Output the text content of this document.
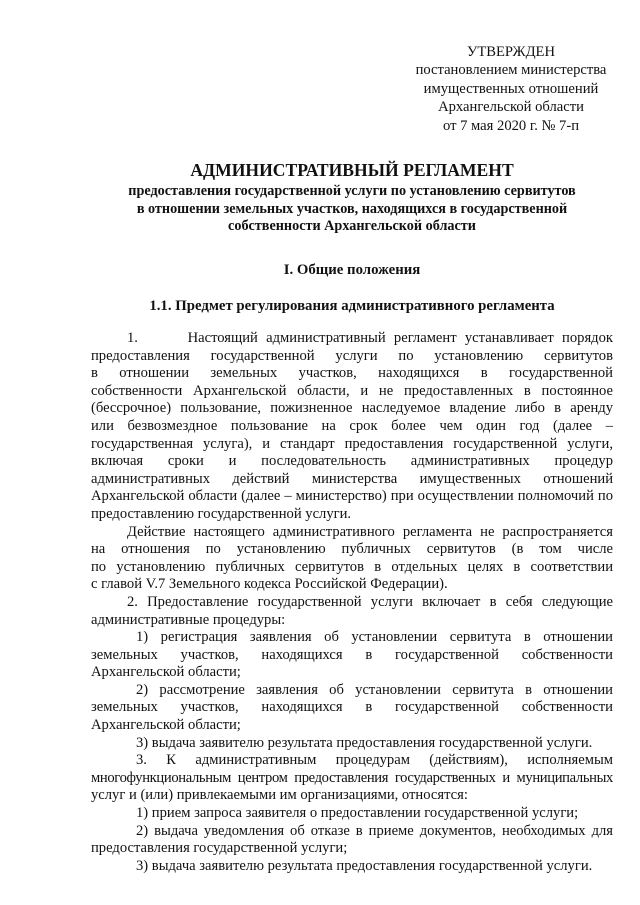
УТВЕРЖДЕН
постановлением министерства
имущественных отношений
Архангельской области
от 7 мая 2020 г. № 7-п
АДМИНИСТРАТИВНЫЙ РЕГЛАМЕНТ
предоставления государственной услуги по установлению сервитутов
в отношении земельных участков, находящихся в государственной
собственности Архангельской области
I. Общие положения
1.1. Предмет регулирования административного регламента
1.      Настоящий административный регламент устанавливает порядок
предоставления государственной услуги по установлению сервитутов
в отношении земельных участков, находящихся в государственной
собственности Архангельской области, и не предоставленных в постоянное
(бессрочное) пользование, пожизненное наследуемое владение либо в аренду
или безвозмездное пользование на срок более чем один год (далее –
государственная услуга), и стандарт предоставления государственной услуги,
включая сроки и последовательность административных процедур
административных действий министерства имущественных отношений
Архангельской области (далее – министерство) при осуществлении полномочий по
предоставлению государственной услуги.
Действие настоящего административного регламента не распространяется
на отношения по установлению публичных сервитутов (в том числе
по установлению публичных сервитутов в отдельных целях в соответствии
с главой V.7 Земельного кодекса Российской Федерации).
2. Предоставление государственной услуги включает в себя следующие
административные процедуры:
1) регистрация заявления об установлении сервитута в отношении
земельных участков, находящихся в государственной собственности
Архангельской области;
2) рассмотрение заявления об установлении сервитута в отношении
земельных участков, находящихся в государственной собственности
Архангельской области;
3) выдача заявителю результата предоставления государственной услуги.
3. К административным процедурам (действиям), исполняемым
многофункциональным центром предоставления государственных и муниципальных
услуг и (или) привлекаемыми им организациями, относятся:
1) прием запроса заявителя о предоставлении государственной услуги;
2) выдача уведомления об отказе в приеме документов, необходимых для
предоставления государственной услуги;
3) выдача заявителю результата предоставления государственной услуги.
